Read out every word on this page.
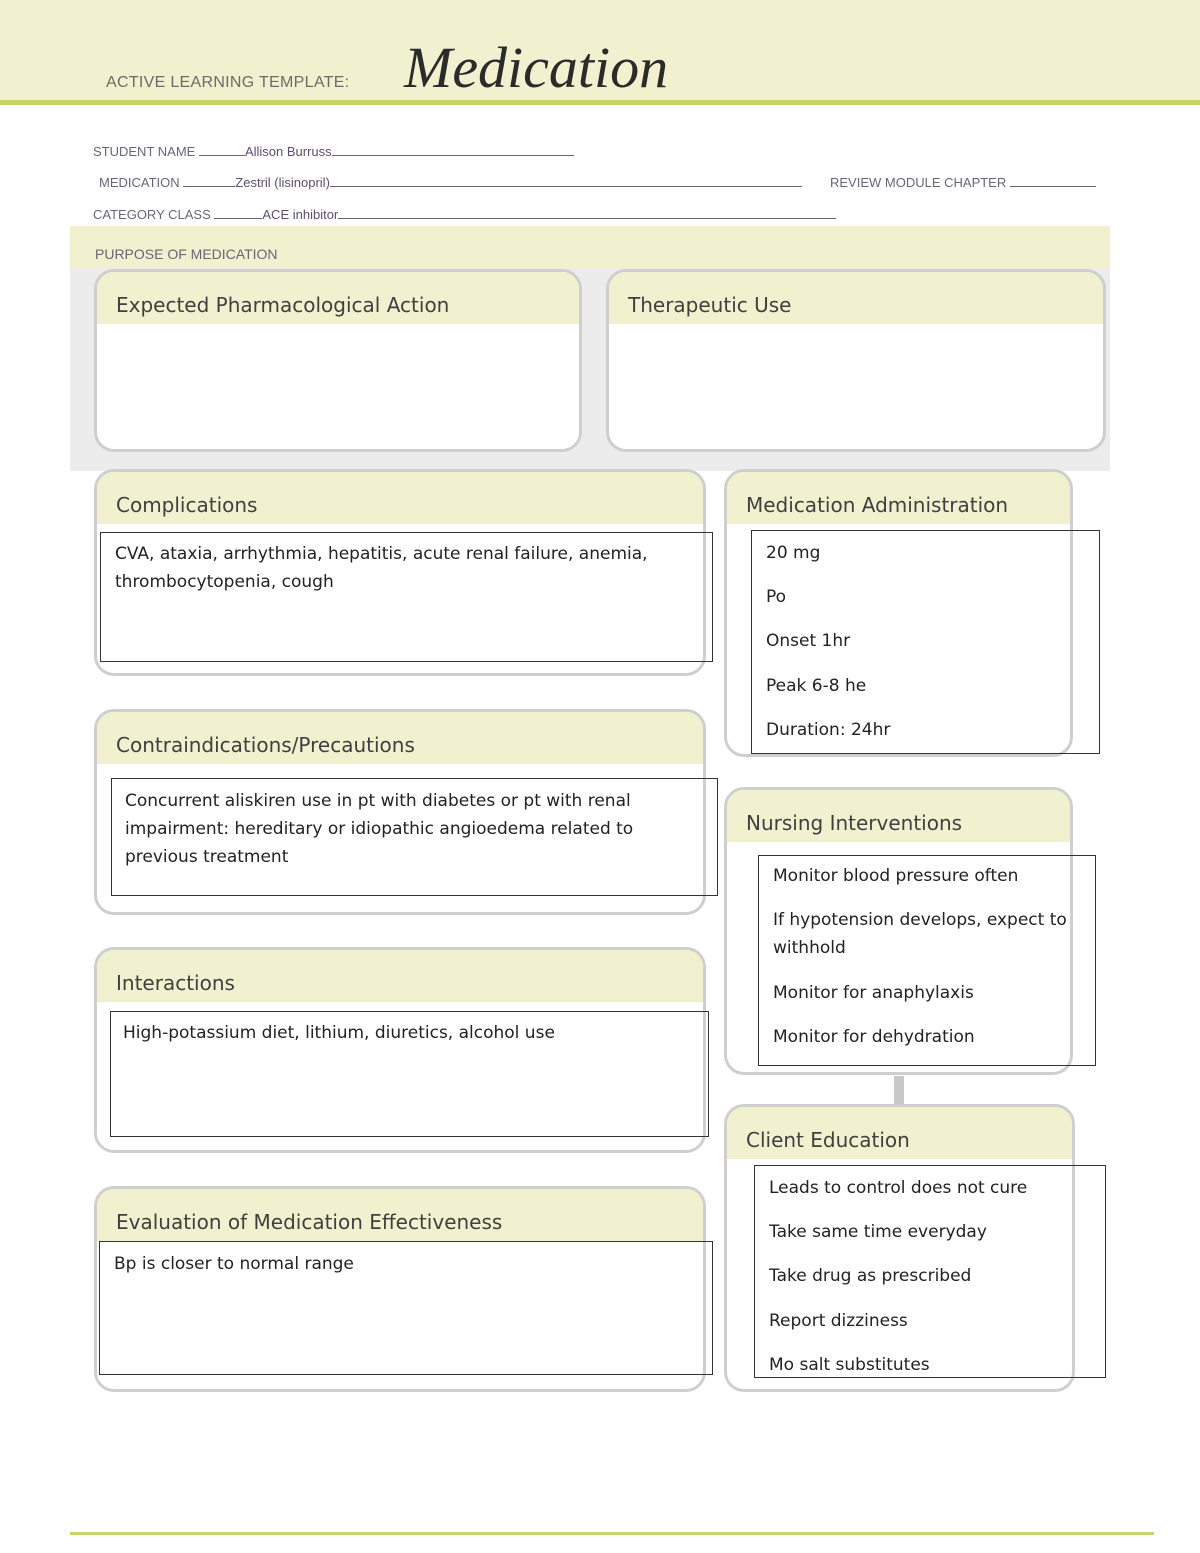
ACTIVE LEARNING TEMPLATE: Medication
STUDENT NAME	Allison Burruss
MEDICATION	Zestril (lisinopril)	REVIEW MODULE CHAPTER
CATEGORY CLASS	ACE inhibitor
PURPOSE OF MEDICATION
Expected Pharmacological Action	Therapeutic Use
Complications
CVA, ataxia, arrhythmia, hepatitis, acute renal failure, anemia, thrombocytopenia, cough
Contraindications/Precautions
Concurrent aliskiren use in pt with diabetes or pt with renal impairment: hereditary or idiopathic angioedema related to previous treatment
Interactions
High-potassium diet, lithium, diuretics, alcohol use
Evaluation of Medication Effectiveness
Bp is closer to normal range
Medication Administration
20 mg
Po
Onset 1hr
Peak 6-8 he
Duration: 24hr
Nursing Interventions
Monitor blood pressure often
If hypotension develops, expect to
withhold
Monitor for anaphylaxis
Monitor for dehydration
Client Education
Leads to control does not cure
Take same time everyday
Take drug as prescribed
Report dizziness
Mo salt substitutes
